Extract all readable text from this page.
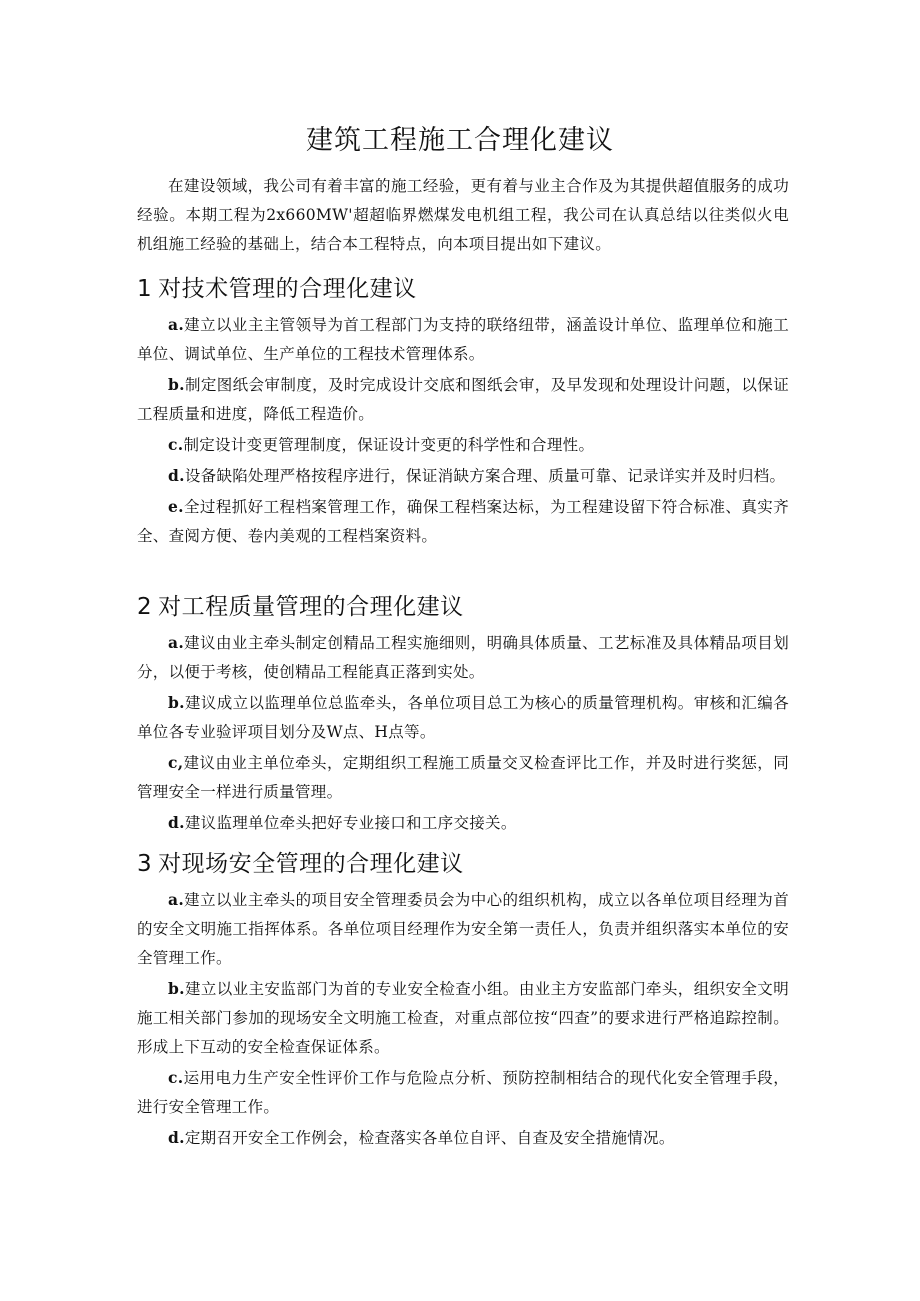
建筑工程施工合理化建议

在建设领域，我公司有着丰富的施工经验，更有着与业主合作及为其提供超值服务的成功经验。本期工程为2x660MW'超超临界燃煤发电机组工程，我公司在认真总结以往类似火电机组施工经验的基础上，结合本工程特点，向本项目提出如下建议。

1 对技术管理的合理化建议

a.建立以业主主管领导为首工程部门为支持的联络纽带，涵盖设计单位、监理单位和施工单位、调试单位、生产单位的工程技术管理体系。

b.制定图纸会审制度，及时完成设计交底和图纸会审，及早发现和处理设计问题，以保证工程质量和进度，降低工程造价。

c.制定设计变更管理制度，保证设计变更的科学性和合理性。

d.设备缺陷处理严格按程序进行，保证消缺方案合理、质量可靠、记录详实并及时归档。

e.全过程抓好工程档案管理工作，确保工程档案达标，为工程建设留下符合标准、真实齐全、查阅方便、卷内美观的工程档案资料。

2 对工程质量管理的合理化建议

a.建议由业主牵头制定创精品工程实施细则，明确具体质量、工艺标准及具体精品项目划分，以便于考核，使创精品工程能真正落到实处。

b.建议成立以监理单位总监牵头，各单位项目总工为核心的质量管理机构。审核和汇编各单位各专业验评项目划分及W点、H点等。

c,建议由业主单位牵头，定期组织工程施工质量交叉检查评比工作，并及时进行奖惩，同管理安全一样进行质量管理。

d.建议监理单位牵头把好专业接口和工序交接关。

3 对现场安全管理的合理化建议

a.建立以业主牵头的项目安全管理委员会为中心的组织机构，成立以各单位项目经理为首的安全文明施工指挥体系。各单位项目经理作为安全第一责任人，负责并组织落实本单位的安全管理工作。

b.建立以业主安监部门为首的专业安全检查小组。由业主方安监部门牵头，组织安全文明施工相关部门参加的现场安全文明施工检查，对重点部位按“四查”的要求进行严格追踪控制。形成上下互动的安全检查保证体系。

c.运用电力生产安全性评价工作与危险点分析、预防控制相结合的现代化安全管理手段，进行安全管理工作。

d.定期召开安全工作例会，检查落实各单位自评、自查及安全措施情况。
